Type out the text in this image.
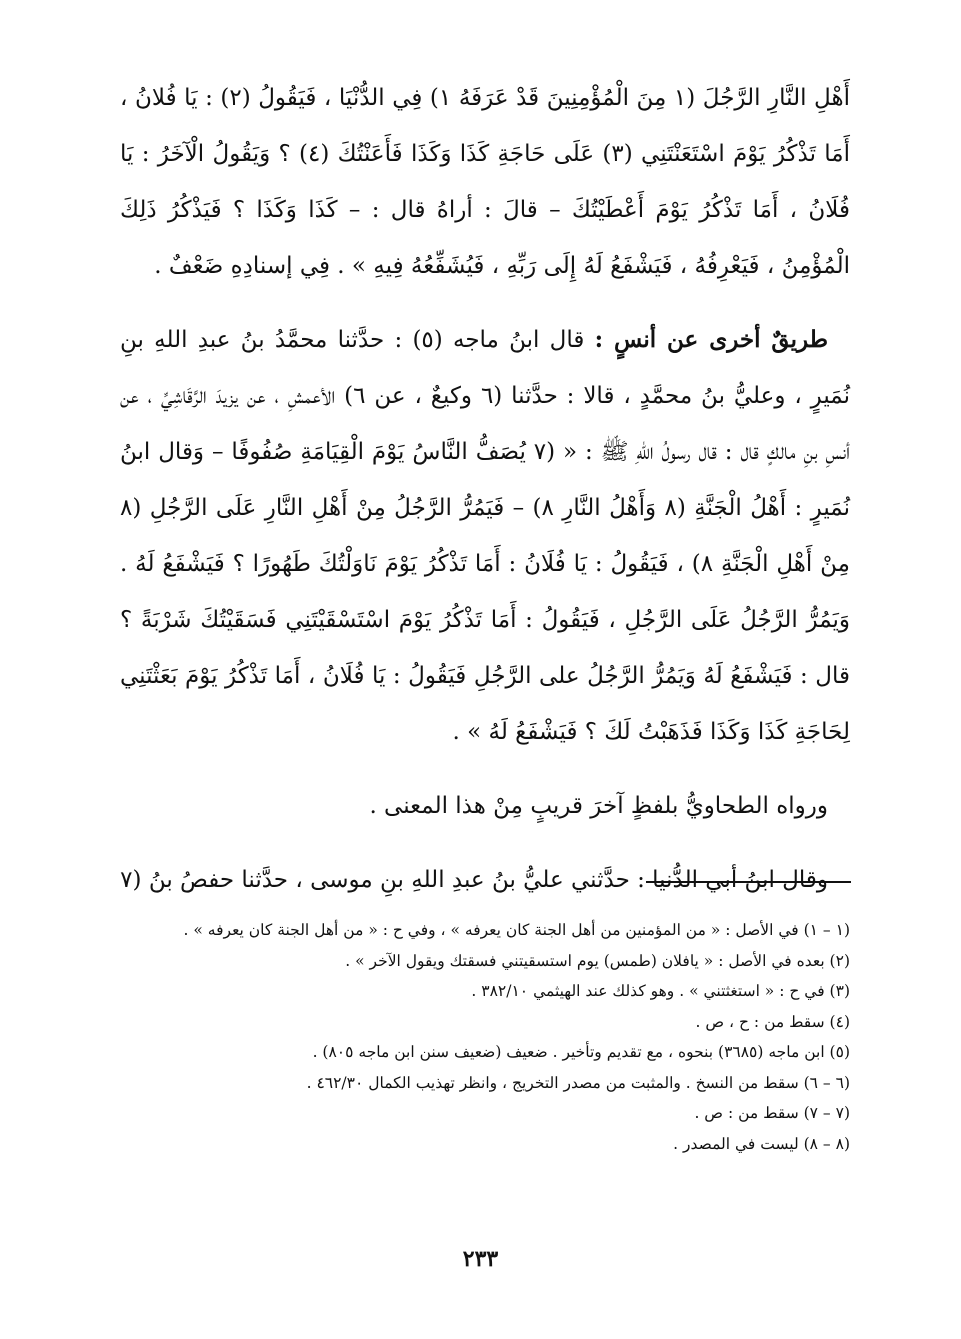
أَهْلِ النَّارِ الرَّجُلَ (١ مِنَ الْمُؤْمِنِينَ قَدْ عَرَفَهُ ١) فِي الدُّنْيَا ، فَيَقُولُ (٢) : يَا فُلانُ ، أَمَا تَذْكُرُ يَوْمَ اسْتَعَنْتَنِي (٣) عَلَى حَاجَةِ كَذَا وَكَذَا فَأَعَنْتُكَ (٤) ؟ وَيَقُولُ الْآخَرُ : يَا فُلَانُ ، أَمَا تَذْكُرُ يَوْمَ أَعْطَيْتُكَ – قالَ : أراهُ قال : – كَذَا وَكَذَا ؟ فَيَذْكُرُ ذَلِكَ الْمُؤْمِنُ ، فَيَعْرِفُهُ ، فَيَشْفَعُ لَهُ إِلَى رَبِّهِ ، فَيُشَفِّعُهُ فِيهِ » . فِي إسنادِهِ ضَعْفٌ .

طريقٌ أخرى عن أنسٍ : قال ابنُ ماجه (٥) : حدَّثنا محمَّدُ بنُ عبدِ اللهِ بنِ نُمَيرٍ ، وعليُّ بنُ محمَّدٍ ، قالا : حدَّثنا (٦ وكيعٌ ، عن ٦) الأعمشِ ، عن يزيدَ الرَّقَاشِيِّ ، عن أنسِ بنِ مالكٍ قال : قال رسولُ اللهِ ﷺ : « (٧ يُصَفُّ النَّاسُ يَوْمَ الْقِيَامَةِ صُفُوفًا – وَقال ابنُ نُمَيرٍ : أَهْلُ الْجَنَّةِ (٨ وَأَهْلُ النَّارِ ٨) – فَيَمُرُّ الرَّجُلُ مِنْ أَهْلِ النَّارِ عَلَى الرَّجُلِ (٨ مِنْ أَهْلِ الْجَنَّةِ ٨) ، فَيَقُولُ : يَا فُلَانُ : أَمَا تَذْكُرُ يَوْمَ نَاوَلْتُكَ طَهُورًا ؟ فَيَشْفَعُ لَهُ . وَيَمُرُّ الرَّجُلُ عَلَى الرَّجُلِ ، فَيَقُولُ : أَمَا تَذْكُرُ يَوْمَ اسْتَسْقَيْتَنِي فَسَقَيْتُكَ شَرْبَةً ؟ قال : فَيَشْفَعُ لَهُ وَيَمُرُّ الرَّجُلُ على الرَّجُلِ فَيَقُولُ : يَا فُلَانُ ، أَمَا تَذْكُرُ يَوْمَ بَعَثْتَنِي لِحَاجَةِ كَذَا وَكَذَا فَذَهَبْتُ لَكَ ؟ فَيَشْفَعُ لَهُ » .

ورواه الطحاويُّ بلفظٍ آخرَ قريبٍ مِنْ هذا المعنى .

وقال ابنُ أبي الدُّنيا : حدَّثني عليُّ بنُ عبدِ اللهِ بنِ موسى ، حدَّثنا حفصُ بنُ (٧

(١ – ١) في الأصل : « من المؤمنين من أهل الجنة كان يعرفه » ، وفي ح : « من أهل الجنة كان يعرفه » .

(٢) بعده في الأصل : « يافلان (طمس) يوم استسقيتني فسقتك ويقول الآخر » .

(٣) في ح : « استغثتني » . وهو كذلك عند الهيثمي ٣٨٢/١٠ .

(٤) سقط من : ح ، ص .

(٥) ابن ماجه (٣٦٨٥) بنحوه ، مع تقديم وتأخير . ضعيف (ضعيف سنن ابن ماجه ٨٠٥) .

(٦ – ٦) سقط من النسخ . والمثبت من مصدر التخريج ، وانظر تهذيب الكمال ٤٦٢/٣٠ .

(٧ – ٧) سقط من : ص .

(٨ – ٨) ليست في المصدر .

٢٣٣
